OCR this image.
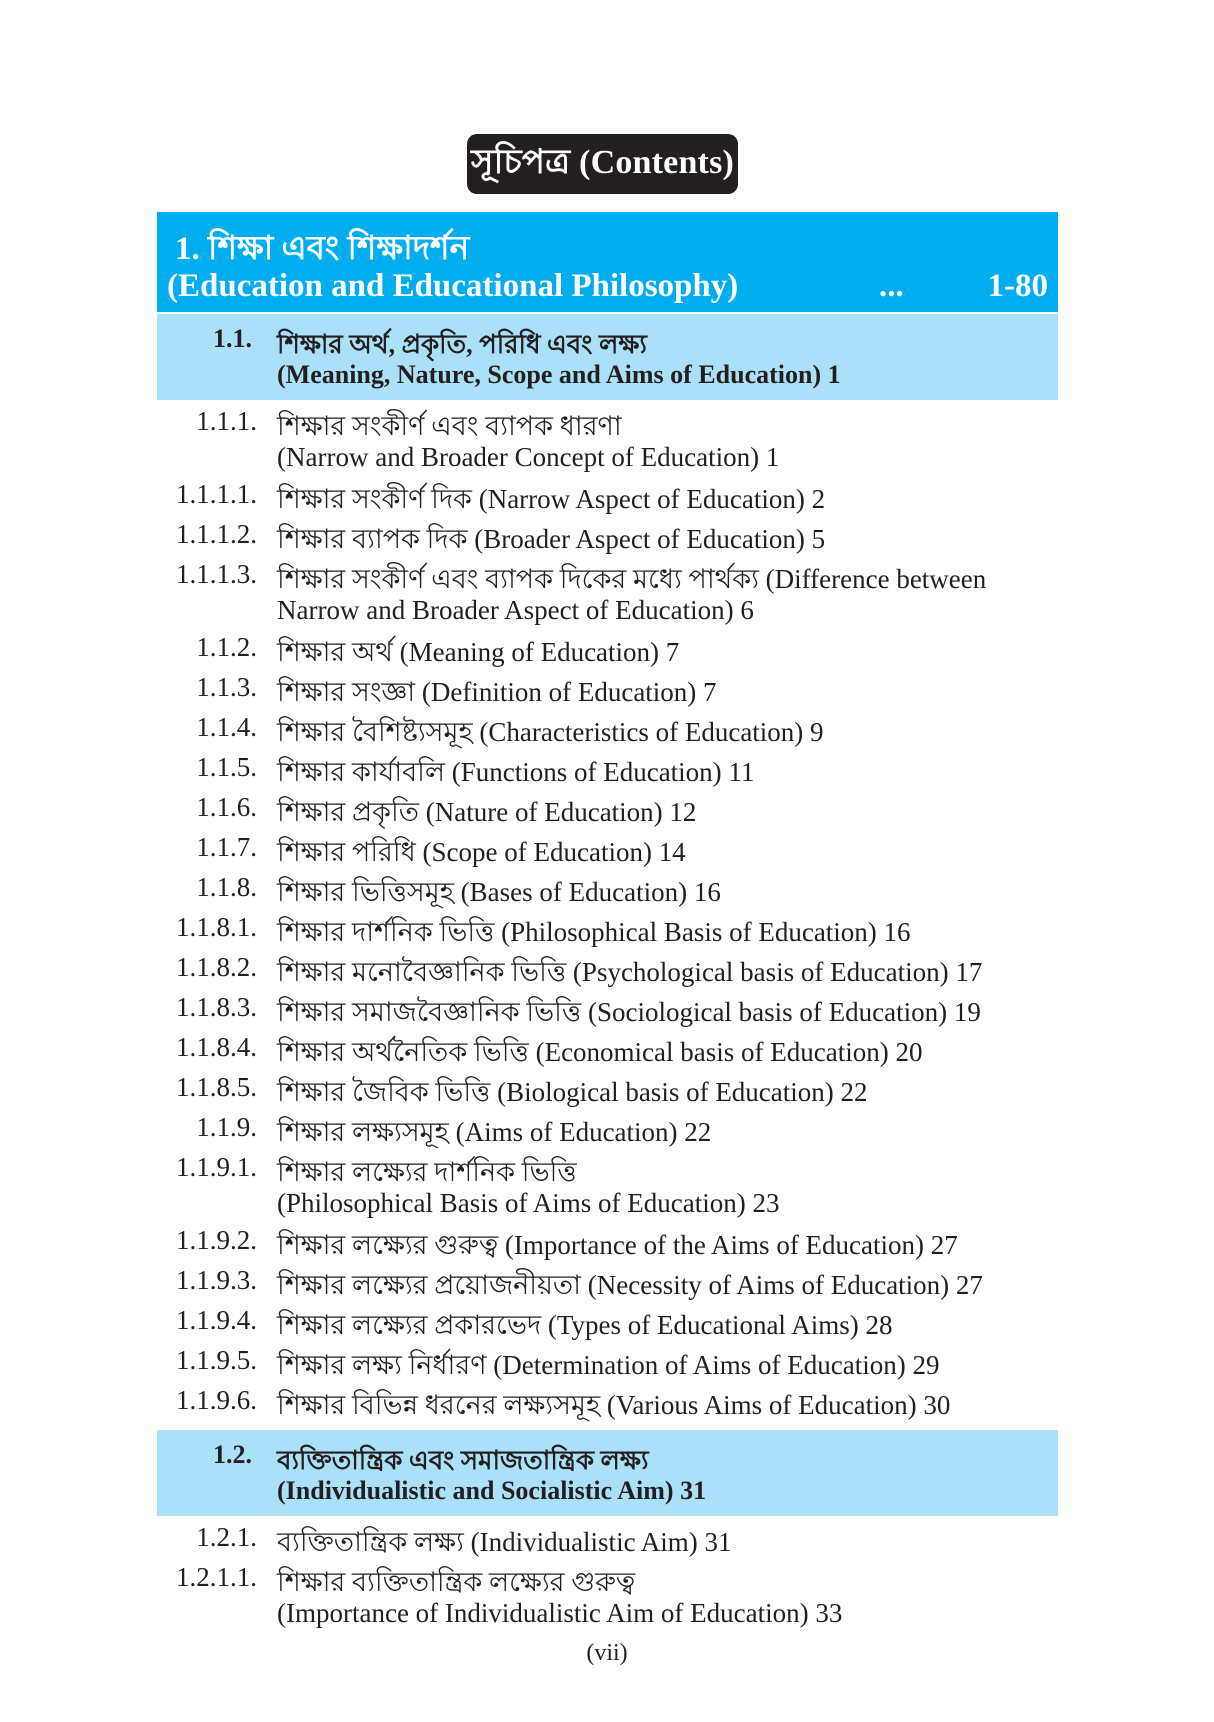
সূচিপত্র (Contents)
1. শিক্ষা এবং শিক্ষাদর্শন
(Education and Educational Philosophy)	...	1-80
1.1. শিক্ষার অর্থ, প্রকৃতি, পরিধি এবং লক্ষ্য
(Meaning, Nature, Scope and Aims of Education) 1
1.1.1. শিক্ষার সংকীর্ণ এবং ব্যাপক ধারণা
(Narrow and Broader Concept of Education) 1
1.1.1.1. শিক্ষার সংকীর্ণ দিক (Narrow Aspect of Education) 2
1.1.1.2. শিক্ষার ব্যাপক দিক (Broader Aspect of Education) 5
1.1.1.3. শিক্ষার সংকীর্ণ এবং ব্যাপক দিকের মধ্যে পার্থক্য (Difference between
Narrow and Broader Aspect of Education) 6
1.1.2. শিক্ষার অর্থ (Meaning of Education) 7
1.1.3. শিক্ষার সংজ্ঞা (Definition of Education) 7
1.1.4. শিক্ষার বৈশিষ্ট্যসমূহ (Characteristics of Education) 9
1.1.5. শিক্ষার কার্যাবলি (Functions of Education) 11
1.1.6. শিক্ষার প্রকৃতি (Nature of Education) 12
1.1.7. শিক্ষার পরিধি (Scope of Education) 14
1.1.8. শিক্ষার ভিত্তিসমূহ (Bases of Education) 16
1.1.8.1. শিক্ষার দার্শনিক ভিত্তি (Philosophical Basis of Education) 16
1.1.8.2. শিক্ষার মনোবৈজ্ঞানিক ভিত্তি (Psychological basis of Education) 17
1.1.8.3. শিক্ষার সমাজবৈজ্ঞানিক ভিত্তি (Sociological basis of Education) 19
1.1.8.4. শিক্ষার অর্থনৈতিক ভিত্তি (Economical basis of Education) 20
1.1.8.5. শিক্ষার জৈবিক ভিত্তি (Biological basis of Education) 22
1.1.9. শিক্ষার লক্ষ্যসমূহ (Aims of Education) 22
1.1.9.1. শিক্ষার লক্ষ্যের দার্শনিক ভিত্তি
(Philosophical Basis of Aims of Education) 23
1.1.9.2. শিক্ষার লক্ষ্যের গুরুত্ব (Importance of the Aims of Education) 27
1.1.9.3. শিক্ষার লক্ষ্যের প্রয়োজনীয়তা (Necessity of Aims of Education) 27
1.1.9.4. শিক্ষার লক্ষ্যের প্রকারভেদ (Types of Educational Aims) 28
1.1.9.5. শিক্ষার লক্ষ্য নির্ধারণ (Determination of Aims of Education) 29
1.1.9.6. শিক্ষার বিভিন্ন ধরনের লক্ষ্যসমূহ (Various Aims of Education) 30
1.2. ব্যক্তিতান্ত্রিক এবং সমাজতান্ত্রিক লক্ষ্য
(Individualistic and Socialistic Aim) 31
1.2.1. ব্যক্তিতান্ত্রিক লক্ষ্য (Individualistic Aim) 31
1.2.1.1. শিক্ষার ব্যক্তিতান্ত্রিক লক্ষ্যের গুরুত্ব
(Importance of Individualistic Aim of Education) 33
(vii)
